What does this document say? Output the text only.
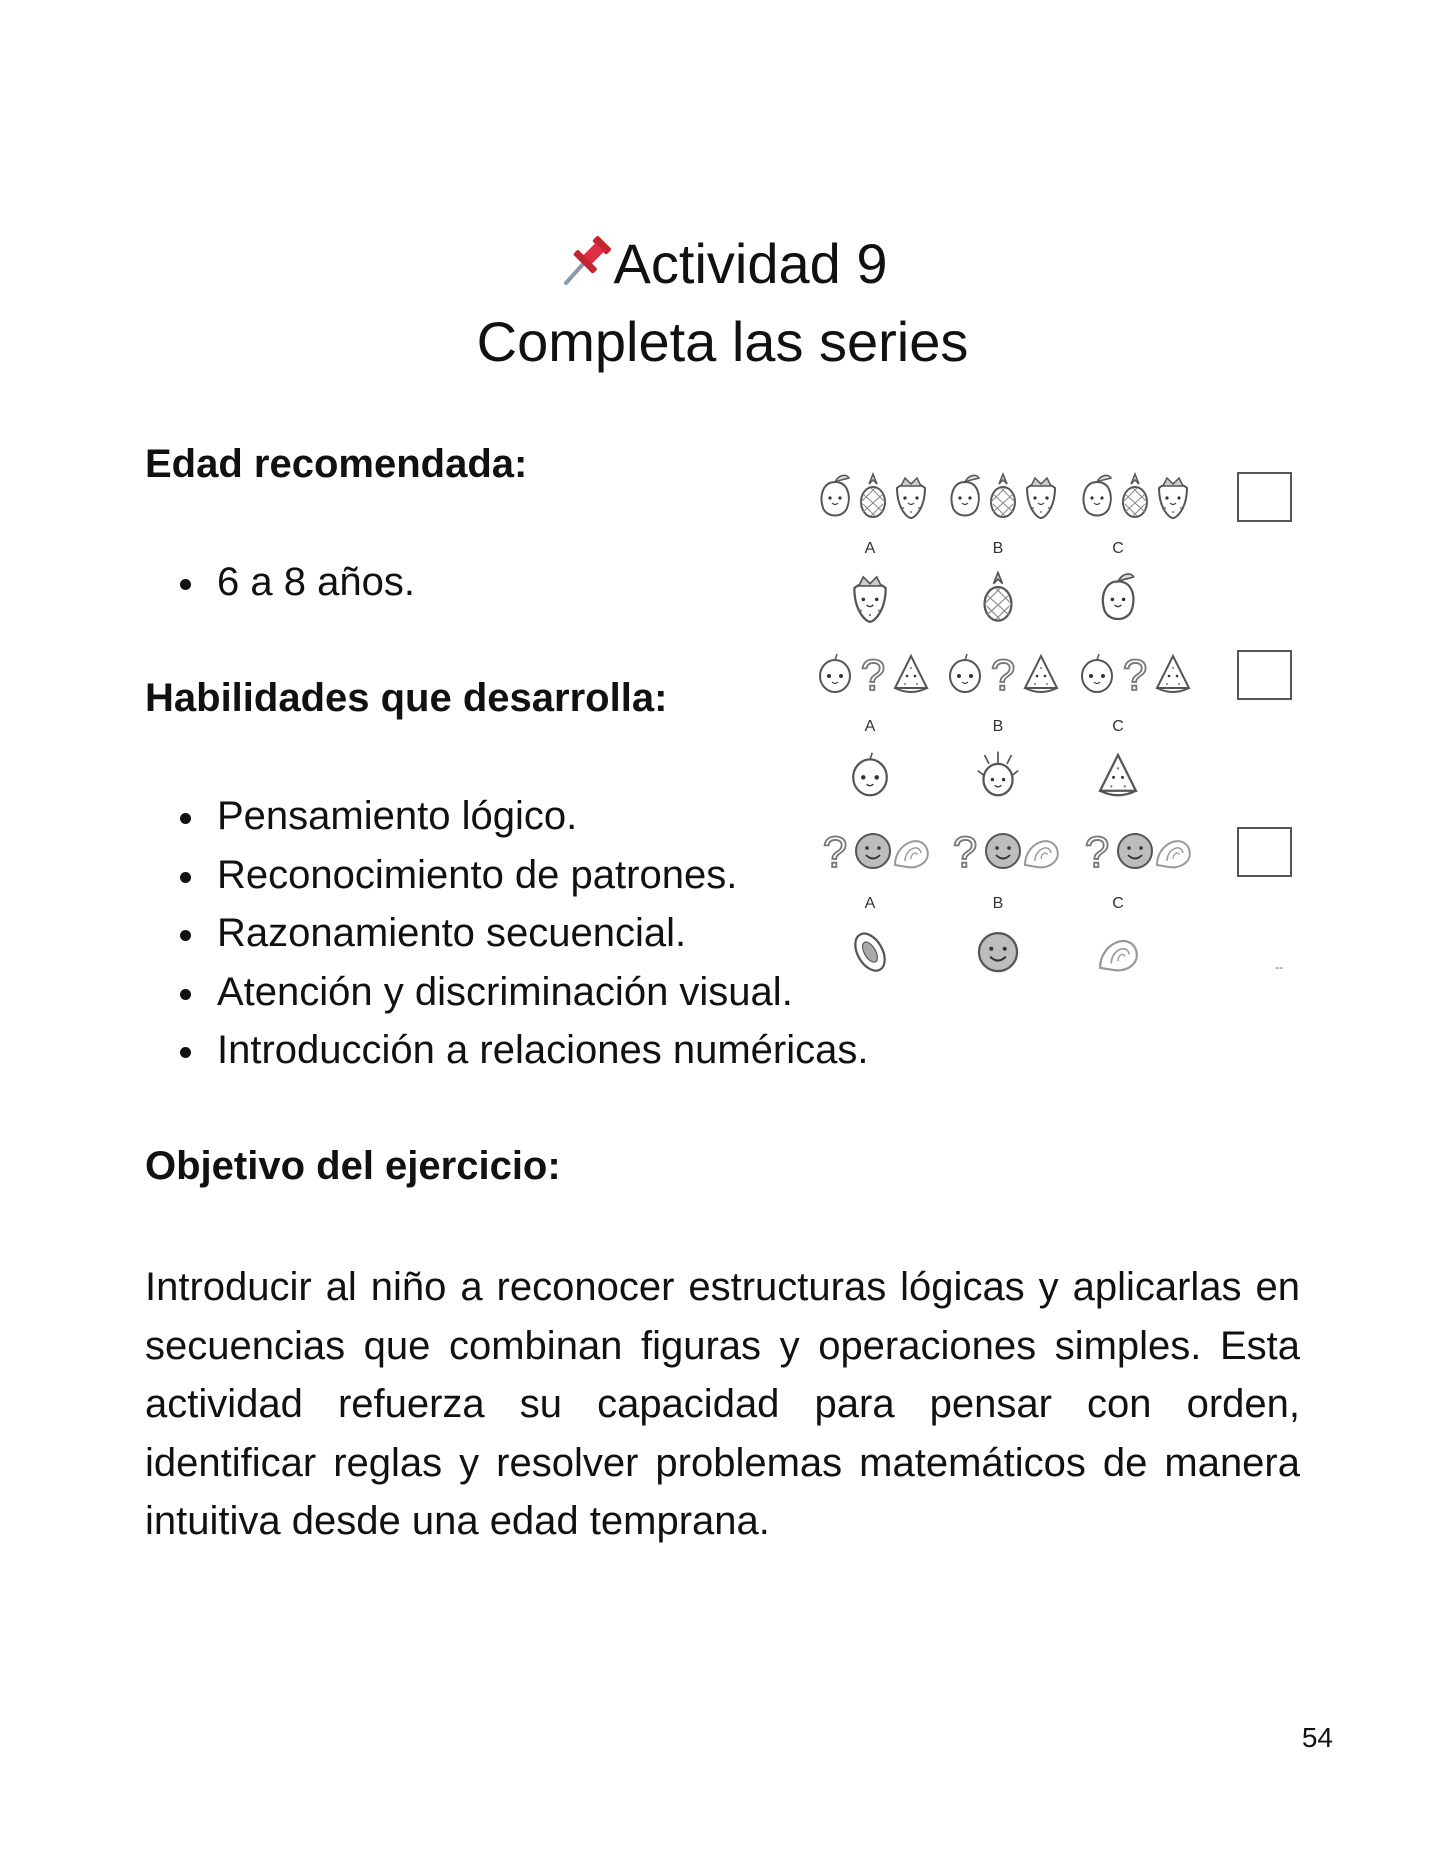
Actividad 9
Completa las series
Edad recomendada:
6 a 8 años.
Habilidades que desarrolla:
Pensamiento lógico.
Reconocimiento de patrones.
Razonamiento secuencial.
Atención y discriminación visual.
Introducción a relaciones numéricas.
Objetivo del ejercicio:

Introducir al niño a reconocer estructuras lógicas y aplicarlas en secuencias que combinan figuras y operaciones simples. Esta actividad refuerza su capacidad para pensar con orden, identificar reglas y resolver problemas matemáticos de manera intuitiva desde una edad temprana.

A	B	C
?
A
?
B
?
C
?
A
?
B
?
C
--
54
